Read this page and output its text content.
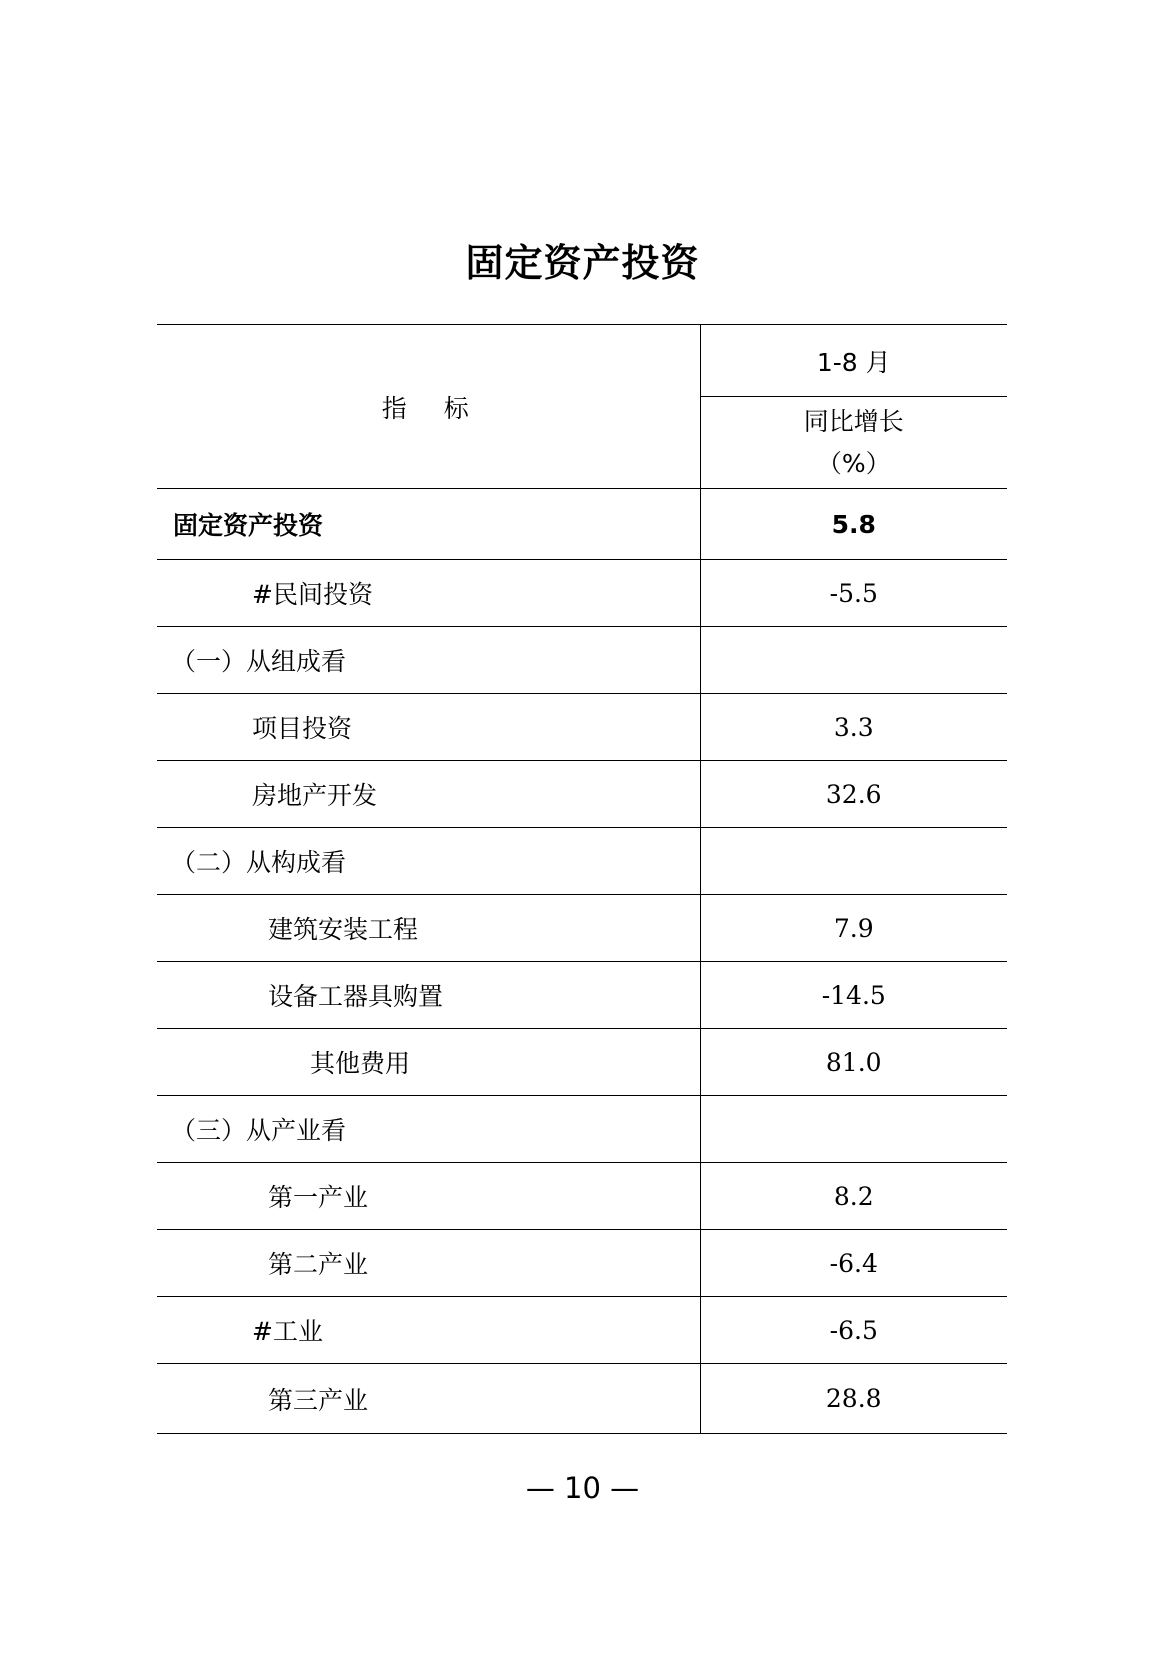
固定资产投资
指　标	1-8 月

	同比增长
（%）

固定资产投资	5.8
#民间投资	-5.5
（一）从组成看	
项目投资	3.3
房地产开发	32.6
（二）从构成看	
建筑安装工程	7.9
设备工器具购置	-14.5
其他费用	81.0
（三）从产业看	
第一产业	8.2
第二产业	-6.4
#工业	-6.5
第三产业	28.8
— 10 —
